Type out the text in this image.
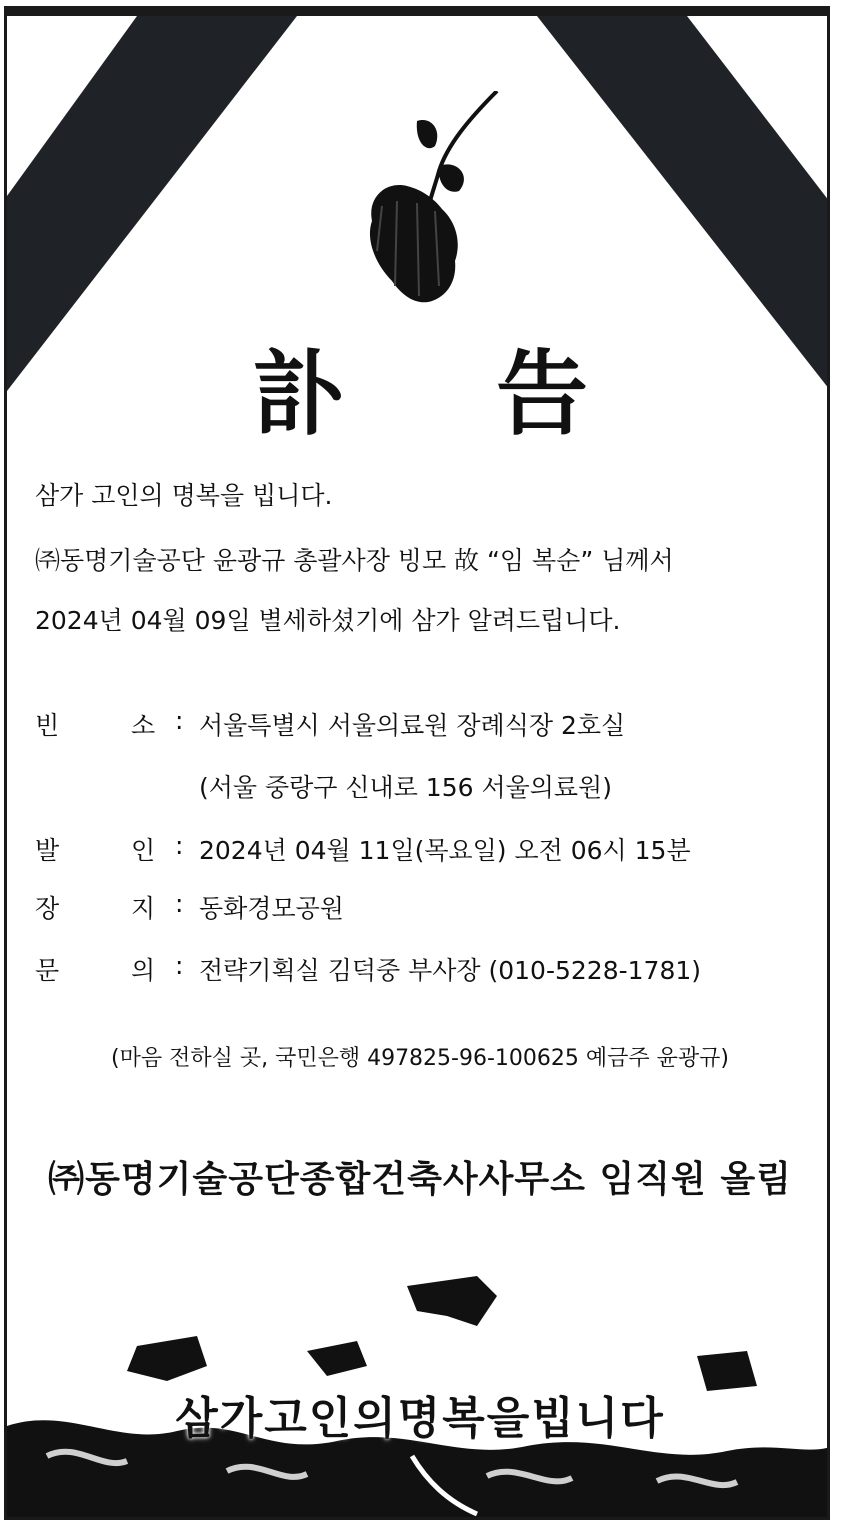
訃 告
삼가 고인의 명복을 빕니다.
㈜동명기술공단 윤광규 총괄사장 빙모 故 “임 복순” 님께서
2024년 04월 09일 별세하셨기에 삼가 알려드립니다.
빈	소 : 서울특별시 서울의료원 장례식장 2호실
(서울 중랑구 신내로 156 서울의료원)
발	인 : 2024년 04월 11일(목요일) 오전 06시 15분
장	지 : 동화경모공원
문	의 : 전략기획실 김덕중 부사장 (010-5228-1781)
(마음 전하실 곳, 국민은행 497825-96-100625 예금주 윤광규)
㈜동명기술공단종합건축사사무소 임직원 올림
삼가고인의명복을빕니다
